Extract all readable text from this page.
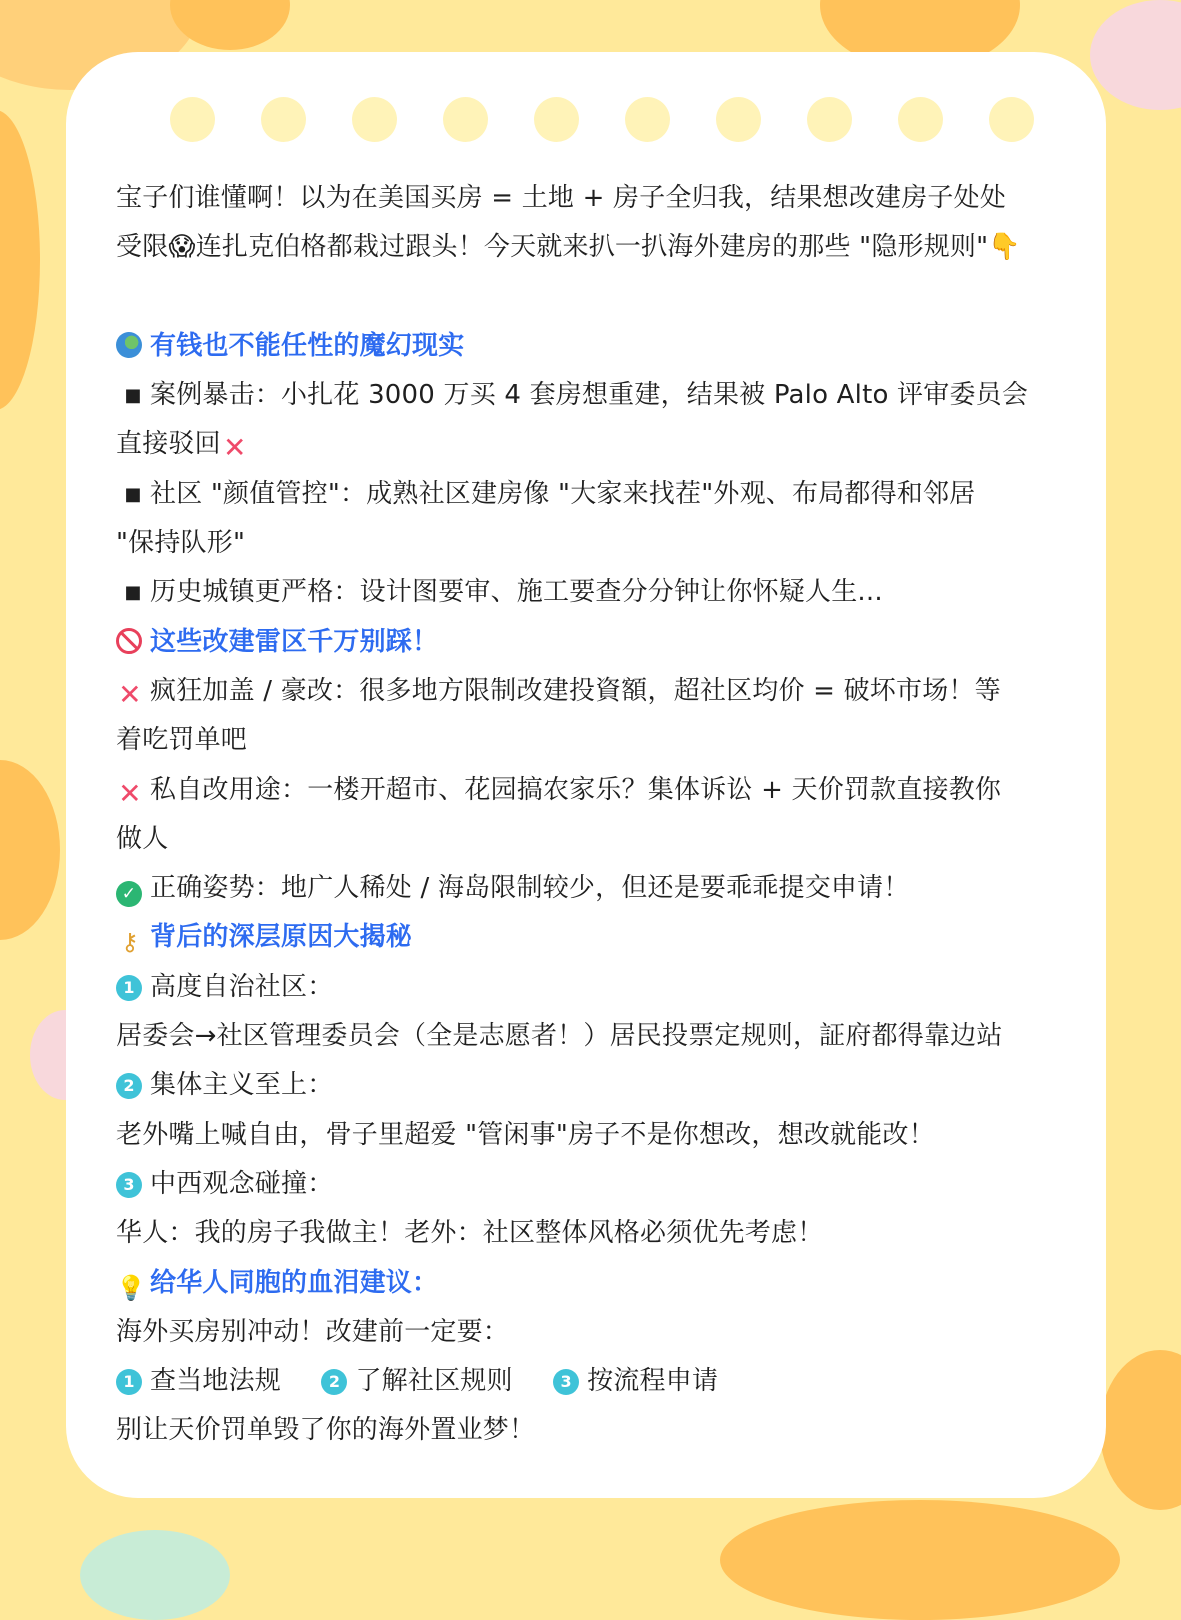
宝子们谁懂啊！以为在美国买房 = 土地 + 房子全归我，结果想改建房子处处
受限😱连扎克伯格都栽过跟头！今天就来扒一扒海外建房的那些 "隐形规则"👇
有钱也不能任性的魔幻现实
■ 案例暴击：小扎花 3000 万买 4 套房想重建，结果被 Palo Alto 评审委员会
直接驳回✕
■ 社区 "颜值管控"：成熟社区建房像 "大家来找茬"外观、布局都得和邻居
"保持队形"
■ 历史城镇更严格：设计图要审、施工要查分分钟让你怀疑人生...
这些改建雷区千万别踩！
✕ 疯狂加盖 / 豪改：很多地方限制改建投資額，超社区均价 = 破坏市场！等
着吃罚单吧
✕ 私自改用途：一楼开超市、花园搞农家乐？集体诉讼 + 天价罚款直接教你
做人
✓ 正确姿势：地广人稀处 / 海岛限制较少，但还是要乖乖提交申请！
⚷ 背后的深层原因大揭秘
1 高度自治社区：
居委会→社区管理委员会（全是志愿者！）居民投票定规则，証府都得靠边站
2 集体主义至上：
老外嘴上喊自由，骨子里超爱 "管闲事"房子不是你想改，想改就能改！
3 中西观念碰撞：
华人：我的房子我做主！老外：社区整体风格必须优先考虑！
💡 给华人同胞的血泪建议：
海外买房别冲动！改建前一定要：
1 查当地法规	2 了解社区规则	3 按流程申请
别让天价罚单毁了你的海外置业梦！
